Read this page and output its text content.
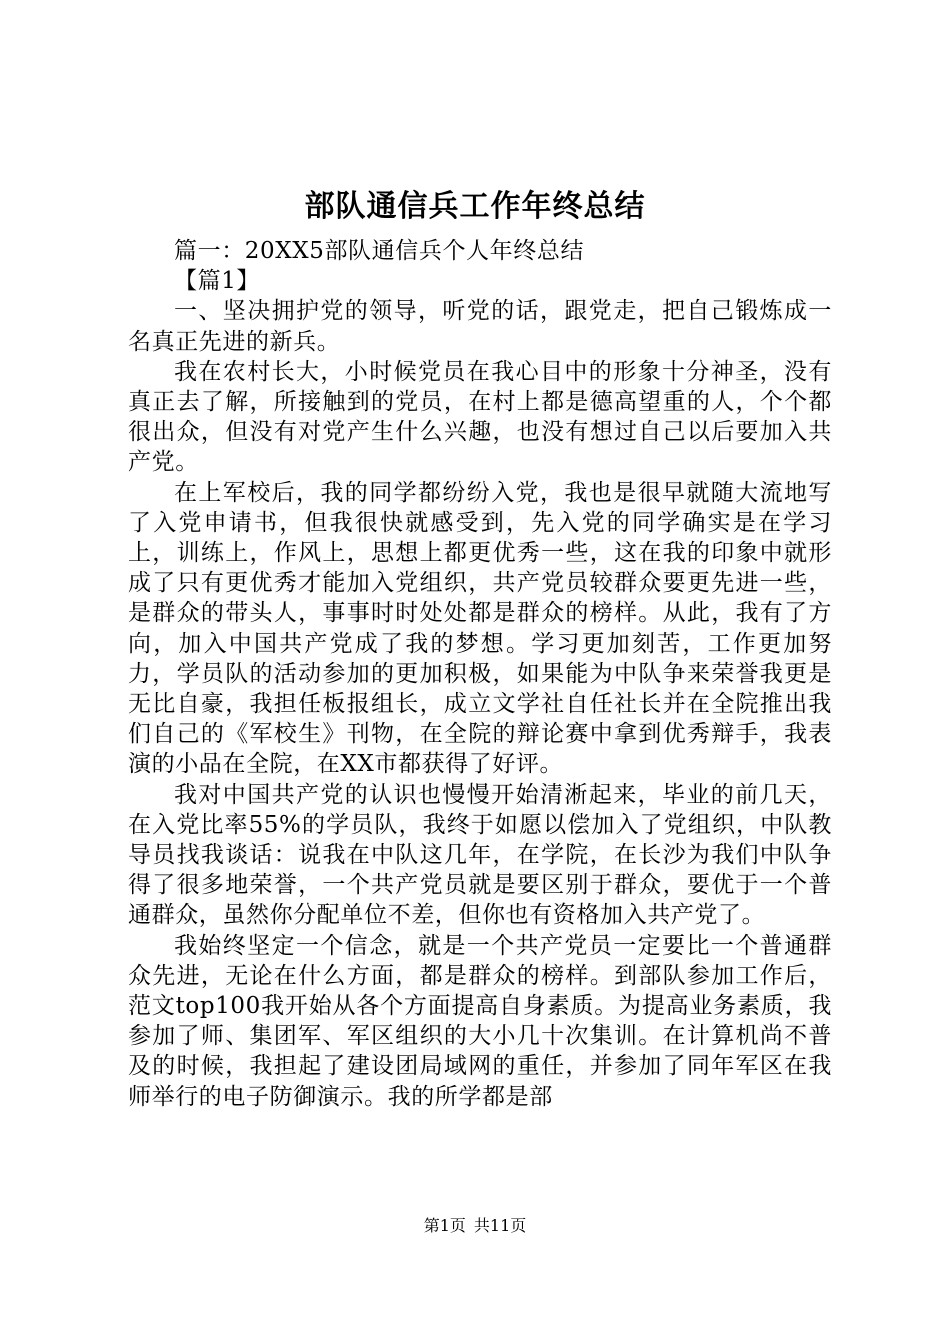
部队通信兵工作年终总结

篇一：20XX5部队通信兵个人年终总结

【篇1】

一、坚决拥护党的领导，听党的话，跟党走，把自己锻炼成一名真正先进的新兵。

我在农村长大，小时候党员在我心目中的形象十分神圣，没有真正去了解，所接触到的党员，在村上都是德高望重的人，个个都很出众，但没有对党产生什么兴趣，也没有想过自己以后要加入共产党。

在上军校后，我的同学都纷纷入党，我也是很早就随大流地写了入党申请书，但我很快就感受到，先入党的同学确实是在学习上，训练上，作风上，思想上都更优秀一些，这在我的印象中就形成了只有更优秀才能加入党组织，共产党员较群众要更先进一些，是群众的带头人，事事时时处处都是群众的榜样。从此，我有了方向，加入中国共产党成了我的梦想。学习更加刻苦，工作更加努力，学员队的活动参加的更加积极，如果能为中队争来荣誉我更是无比自豪，我担任板报组长，成立文学社自任社长并在全院推出我们自己的《军校生》刊物，在全院的辩论赛中拿到优秀辩手，我表演的小品在全院，在XX市都获得了好评。

我对中国共产党的认识也慢慢开始清淅起来，毕业的前几天，在入党比率55%的学员队，我终于如愿以偿加入了党组织，中队教导员找我谈话：说我在中队这几年，在学院，在长沙为我们中队争得了很多地荣誉，一个共产党员就是要区别于群众，要优于一个普通群众，虽然你分配单位不差，但你也有资格加入共产党了。

我始终坚定一个信念，就是一个共产党员一定要比一个普通群众先进，无论在什么方面，都是群众的榜样。到部队参加工作后，范文top100我开始从各个方面提高自身素质。为提高业务素质，我参加了师、集团军、军区组织的大小几十次集训。在计算机尚不普及的时候，我担起了建设团局域网的重任，并参加了同年军区在我师举行的电子防御演示。我的所学都是部

第1页 共11页
